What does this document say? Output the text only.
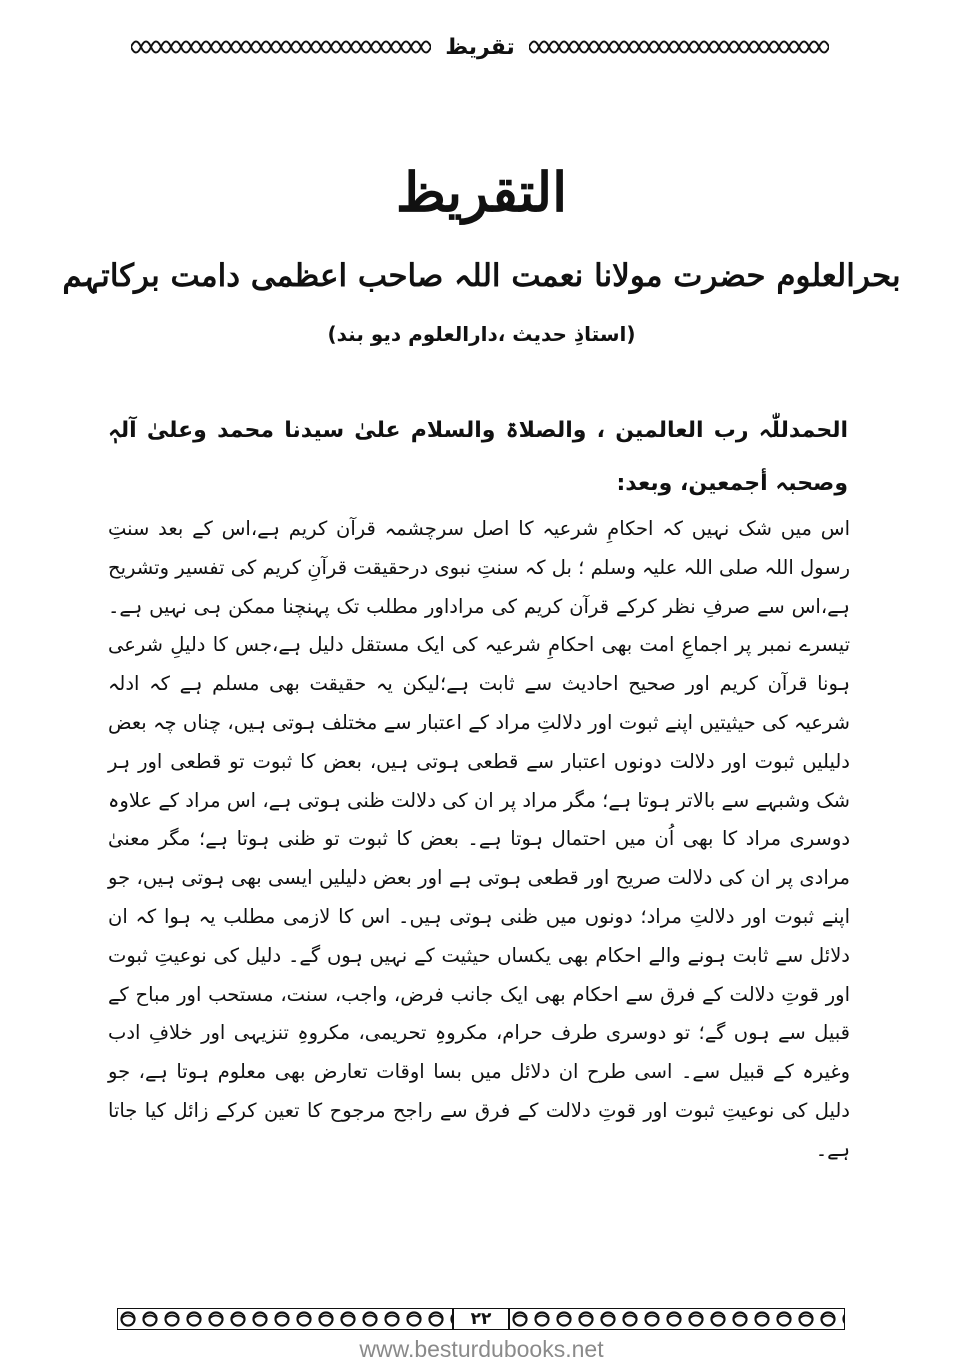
تقریظ
التقريظ
بحرالعلوم حضرت مولانا نعمت اللہ صاحب اعظمی دامت برکاتہم
(استاذِ حدیث ،دارالعلوم دیو بند)
الحمدللّٰہ رب العالمین ، والصلاۃ والسلام علیٰ سیدنا محمد وعلیٰ آلہٖ وصحبہ أجمعین، وبعد:
اس میں شک نہیں کہ احکامِ شرعیہ کا اصل سرچشمہ قرآن کریم ہے،اس کے بعد سنتِ رسول اللہ صلی اللہ علیہ وسلم ؛ بل کہ سنتِ نبوی درحقیقت قرآنِ کریم کی تفسیر وتشریح ہے،اس سے صرفِ نظر کرکے قرآن کریم کی مراداور مطلب تک پہنچنا ممکن ہی نہیں ہے۔تیسرے نمبر پر اجماعِ امت بھی احکامِ شرعیہ کی ایک مستقل دلیل ہے،جس کا دلیلِ شرعی ہونا قرآن کریم اور صحیح احادیث سے ثابت ہے؛لیکن یہ حقیقت بھی مسلم ہے کہ ادلہ شرعیہ کی حیثیتیں اپنے ثبوت اور دلالتِ مراد کے اعتبار سے مختلف ہوتی ہیں، چناں چہ بعض دلیلیں ثبوت اور دلالت دونوں اعتبار سے قطعی ہوتی ہیں، بعض کا ثبوت تو قطعی اور ہر شک وشبہے سے بالاتر ہوتا ہے؛ مگر مراد پر ان کی دلالت ظنی ہوتی ہے، اس مراد کے علاوہ دوسری مراد کا بھی اُن میں احتمال ہوتا ہے۔ بعض کا ثبوت تو ظنی ہوتا ہے؛ مگر معنیٰ مرادی پر ان کی دلالت صریح اور قطعی ہوتی ہے اور بعض دلیلیں ایسی بھی ہوتی ہیں، جو اپنے ثبوت اور دلالتِ مراد؛ دونوں میں ظنی ہوتی ہیں۔ اس کا لازمی مطلب یہ ہوا کہ ان دلائل سے ثابت ہونے والے احکام بھی یکساں حیثیت کے نہیں ہوں گے۔ دلیل کی نوعیتِ ثبوت اور قوتِ دلالت کے فرق سے احکام بھی ایک جانب فرض، واجب، سنت، مستحب اور مباح کے قبیل سے ہوں گے؛ تو دوسری طرف حرام، مکروہِ تحریمی، مکروہِ تنزیہی اور خلافِ ادب وغیرہ کے قبیل سے۔ اسی طرح ان دلائل میں بسا اوقات تعارض بھی معلوم ہوتا ہے، جو دلیل کی نوعیتِ ثبوت اور قوتِ دلالت کے فرق سے راجح مرجوح کا تعین کرکے زائل کیا جاتا ہے۔
۲۲
www.besturdubooks.net
